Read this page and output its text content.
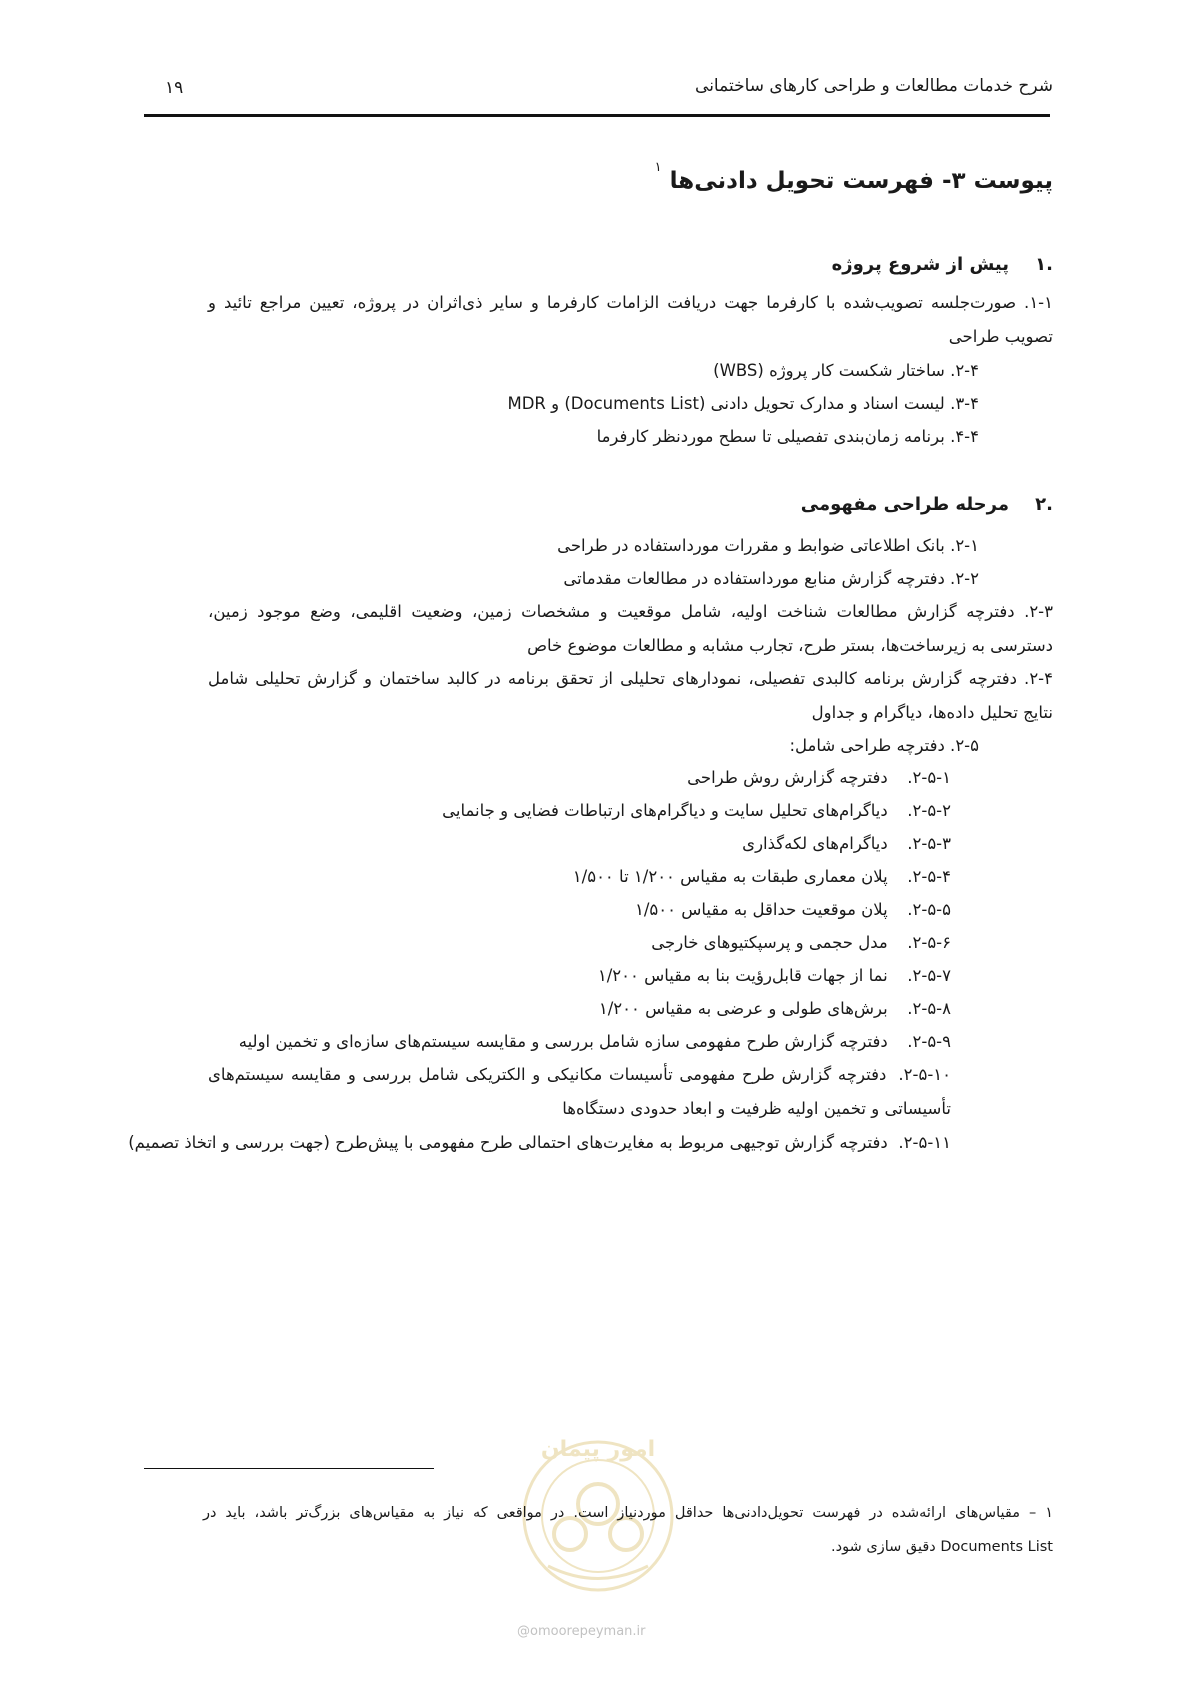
شرح خدمات مطالعات و طراحی کارهای ساختمانی
۱۹
پیوست ۳- فهرست تحویل دادنی‌ها $^۱$
.۱پیش از شروع پروژه
۱-۱. صورت‌جلسه تصویب‌شده با کارفرما جهت دریافت الزامات کارفرما و سایر ذی‌اثران در پروژه، تعیین مراجع تائید و تصویب طراحی
۲-۴. ساختار شکست کار پروژه (WBS)
۳-۴. لیست اسناد و مدارک تحویل دادنی (Documents List) و MDR
۴-۴. برنامه زمان‌بندی تفصیلی تا سطح موردنظر کارفرما
.۲مرحله طراحی مفهومی
۲-۱. بانک اطلاعاتی ضوابط و مقررات مورداستفاده در طراحی
۲-۲. دفترچه گزارش منابع مورداستفاده در مطالعات مقدماتی
۲-۳. دفترچه گزارش مطالعات شناخت اولیه، شامل موقعیت و مشخصات زمین، وضعیت اقلیمی، وضع موجود زمین، دسترسی به زیرساخت‌ها، بستر طرح، تجارب مشابه و مطالعات موضوع خاص
۲-۴. دفترچه گزارش برنامه کالبدی تفصیلی، نمودارهای تحلیلی از تحقق برنامه در کالبد ساختمان و گزارش تحلیلی شامل نتایج تحلیل داده‌ها، دیاگرام و جداول
۲-۵. دفترچه طراحی شامل:
۲-۵-۱. دفترچه گزارش روش طراحی
۲-۵-۲. دیاگرام‌های تحلیل سایت و دیاگرام‌های ارتباطات فضایی و جانمایی
۲-۵-۳. دیاگرام‌های لکه‌گذاری
۲-۵-۴. پلان معماری طبقات به مقیاس ۱/۲۰۰ تا ۱/۵۰۰
۲-۵-۵. پلان موقعیت حداقل به مقیاس ۱/۵۰۰
۲-۵-۶. مدل حجمی و پرسپکتیوهای خارجی
۲-۵-۷. نما از جهات قابل‌رؤیت بنا به مقیاس ۱/۲۰۰
۲-۵-۸. برش‌های طولی و عرضی به مقیاس ۱/۲۰۰
۲-۵-۹. دفترچه گزارش طرح مفهومی سازه شامل بررسی و مقایسه سیستم‌های سازه‌ای و تخمین اولیه
۲-۵-۱۰. دفترچه گزارش طرح مفهومی تأسیسات مکانیکی و الکتریکی شامل بررسی و مقایسه سیستم‌های تأسیساتی و تخمین اولیه ظرفیت و ابعاد حدودی دستگاه‌ها
۲-۵-۱۱. دفترچه گزارش توجیهی مربوط به مغایرت‌های احتمالی طرح مفهومی با پیش‌طرح (جهت بررسی و اتخاذ تصمیم)
امور پیمان
۱ – مقیاس‌های ارائه‌شده در فهرست تحویل‌دادنی‌ها حداقل موردنیاز است. در مواقعی که نیاز به مقیاس‌های بزرگ‌تر باشد، باید در Documents List دقیق سازی شود.
@omoorepeyman.ir
